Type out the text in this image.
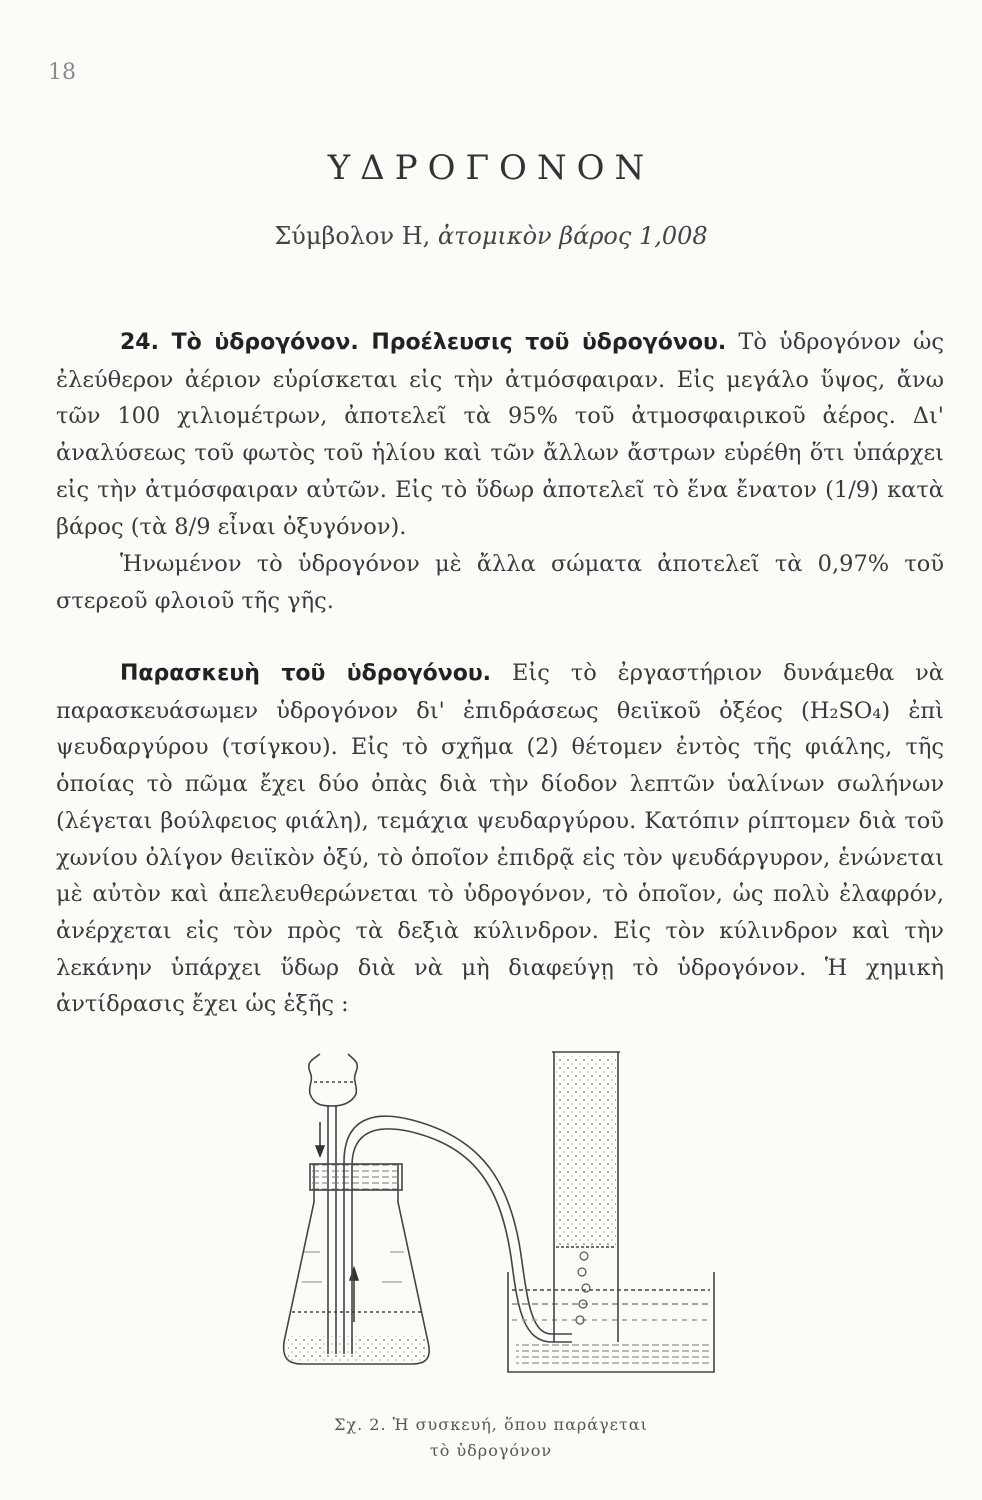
18
ΥΔΡΟΓΟΝΟΝ
Σύμβολον Η, ἀτομικὸν βάρος 1,008
24. Τὸ ὑδρογόνον. Προέλευσις τοῦ ὑδρογόνου. Τὸ ὑδρογόνον ὡς ἐλεύθερον ἀέριον εὑρίσκεται εἰς τὴν ἀτμόσφαιραν. Εἰς μεγάλο ὕψος, ἄνω τῶν 100 χιλιομέτρων, ἀποτελεῖ τὰ 95% τοῦ ἀτμοσφαιρικοῦ ἀέρος. Δι' ἀναλύσεως τοῦ φωτὸς τοῦ ἡλίου καὶ τῶν ἄλλων ἄστρων εὑρέθη ὅτι ὑπάρχει εἰς τὴν ἀτμόσφαιραν αὐτῶν. Εἰς τὸ ὕδωρ ἀποτελεῖ τὸ ἕνα ἔνατον (1/9) κατὰ βάρος (τὰ 8/9 εἶναι ὀξυγόνον).
Ἡνωμένον τὸ ὑδρογόνον μὲ ἄλλα σώματα ἀποτελεῖ τὰ 0,97% τοῦ στερεοῦ φλοιοῦ τῆς γῆς.
Παρασκευὴ τοῦ ὑδρογόνου. Εἰς τὸ ἐργαστήριον δυνάμεθα νὰ παρασκευάσωμεν ὑδρογόνον δι' ἐπιδράσεως θειϊκοῦ ὀξέος (H₂SO₄) ἐπὶ ψευδαργύρου (τσίγκου). Εἰς τὸ σχῆμα (2) θέτομεν ἐντὸς τῆς φιάλης, τῆς ὁποίας τὸ πῶμα ἔχει δύο ὀπὰς διὰ τὴν δίοδον λεπτῶν ὑαλίνων σωλήνων (λέγεται βούλφειος φιάλη), τεμάχια ψευδαργύρου. Κατόπιν ρίπτομεν διὰ τοῦ χωνίου ὀλίγον θειϊκὸν ὀξύ, τὸ ὁποῖον ἐπιδρᾷ εἰς τὸν ψευδάργυρον, ἑνώνεται μὲ αὐτὸν καὶ ἀπελευθερώνεται τὸ ὑδρογόνον, τὸ ὁποῖον, ὡς πολὺ ἐλαφρόν, ἀνέρχεται εἰς τὸν πρὸς τὰ δεξιὰ κύλινδρον. Εἰς τὸν κύλινδρον καὶ τὴν λεκάνην ὑπάρχει ὕδωρ διὰ νὰ μὴ διαφεύγῃ τὸ ὑδρογόνον. Ἡ χημικὴ ἀντίδρασις ἔχει ὡς ἑξῆς :
Σχ. 2. Ἡ συσκευή, ὅπου παράγεται
τὸ ὑδρογόνον
